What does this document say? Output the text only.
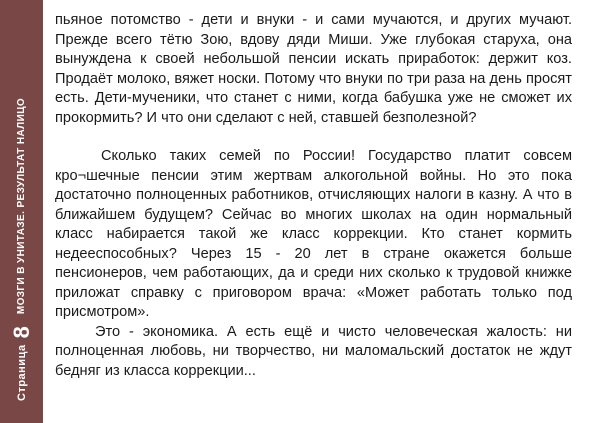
Страница
8
МОЗГИ В УНИТАЗЕ. РЕЗУЛЬТАТ НАЛИЦО

пьяное потомство - дети и внуки - и сами мучаются, и других мучают. Прежде всего тётю Зою, вдову дяди Миши. Уже глубокая старуха, она вынуждена к своей небольшой пенсии искать приработок: держит коз. Продаёт молоко, вяжет носки. Потому что внуки по три раза на день просят есть. Дети-мученики, что станет с ними, когда бабушка уже не сможет их прокормить? И что они сделают с ней, ставшей безполезной?

Сколько таких семей по России! Государство платит совсем кро¬шечные пенсии этим жертвам алкогольной войны. Но это пока достаточно полноценных работников, отчисляющих налоги в казну. А что в ближайшем будущем? Сейчас во многих школах на один нормальный класс набирается такой же класс коррекции. Кто станет кормить недееспособных? Через 15 - 20 лет в стране окажется больше пенсионеров, чем работающих, да и среди них сколько к трудовой книжке приложат справку с приговором врача: «Может работать только под присмотром».

Это - экономика. А есть ещё и чисто человеческая жалость: ни полноценная любовь, ни творчество, ни маломальский достаток не ждут бедняг из класса коррекции...
